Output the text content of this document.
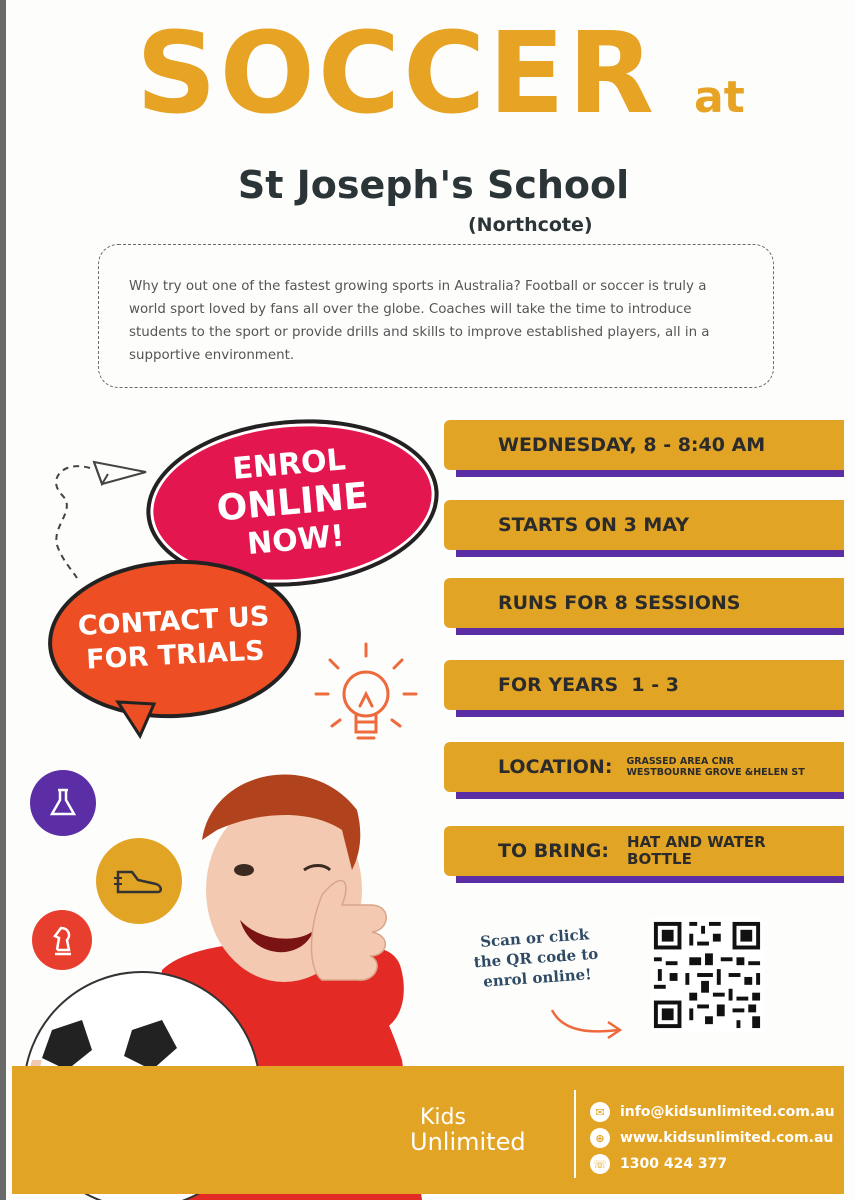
SOCCER at
St Joseph's School
(Northcote)
Why try out one of the fastest growing sports in Australia? Football or soccer is truly a world sport loved by fans all over the globe. Coaches will take the time to introduce students to the sport or provide drills and skills to improve established players, all in a supportive environment.
ENROL
ONLINE
NOW!
CONTACT US
FOR TRIALS
WEDNESDAY, 8 - 8:40 AM
STARTS ON 3 MAY
RUNS FOR 8 SESSIONS
FOR YEARS  1 - 3
LOCATION: GRASSED AREA CNR
WESTBOURNE GROVE &HELEN ST
TO BRING: HAT AND WATER
BOTTLE
Scan or click the QR code to enrol online!
Kids
Unlimited
✉	info@kidsunlimited.com.au
⊕	www.kidsunlimited.com.au
☏ 1300 424 377
